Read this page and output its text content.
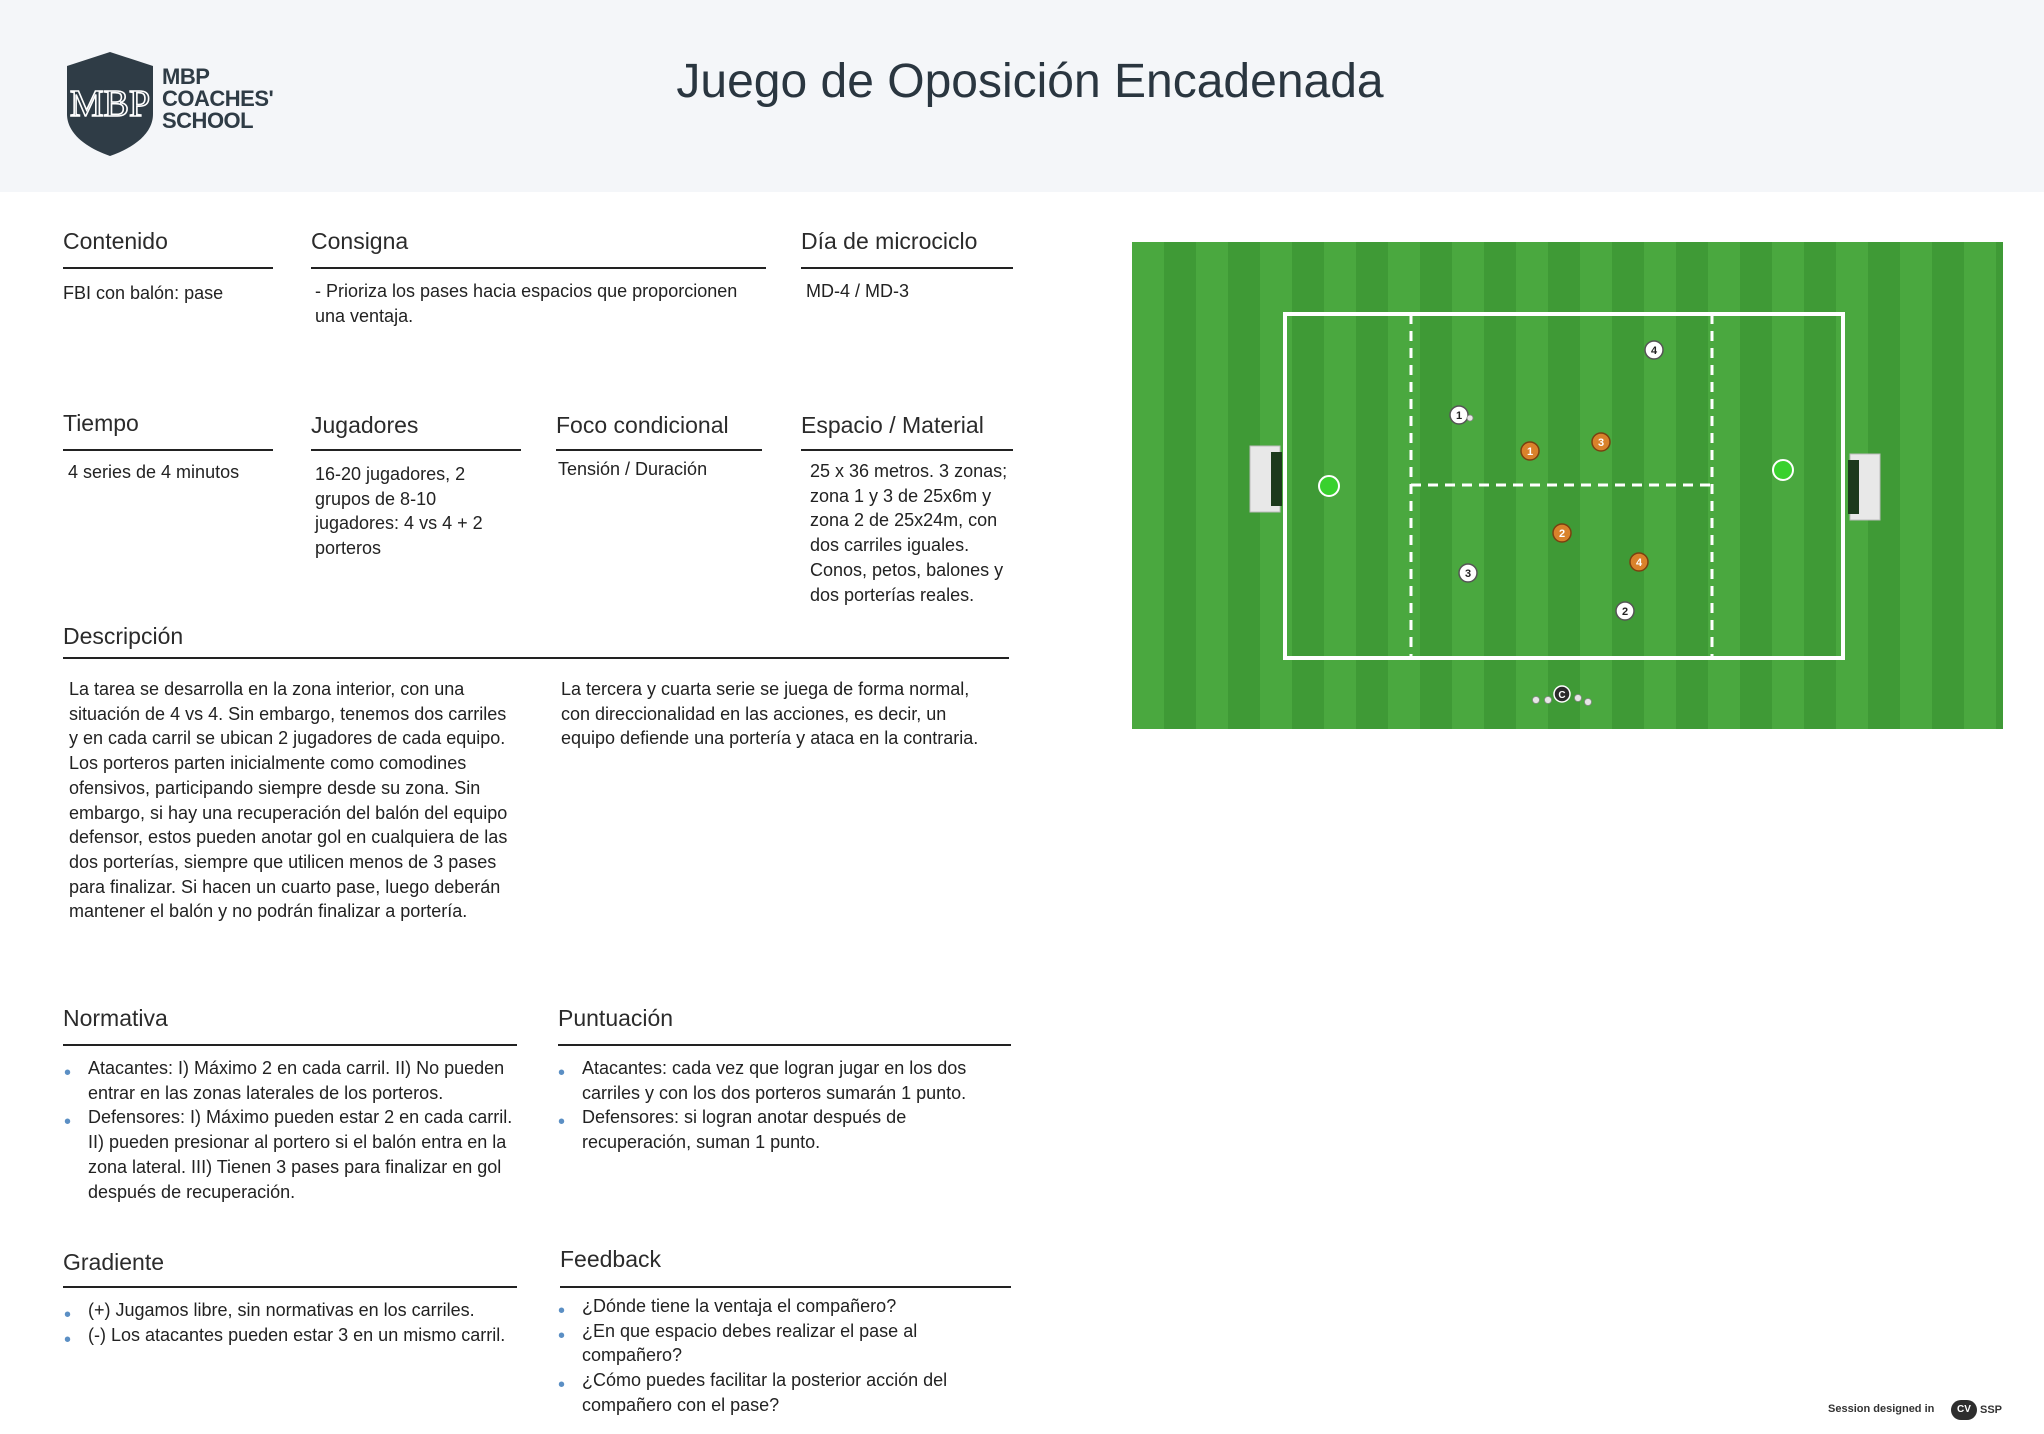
MBP
MBP
COACHES'
SCHOOL
Juego de Oposición Encadenada
Contenido
FBI con balón: pase
Consigna
- Prioriza los pases hacia espacios que proporcionen una ventaja.
Día de microciclo
MD-4 / MD-3
Tiempo
4 series de 4 minutos
Jugadores
16-20 jugadores, 2 grupos de 8-10 jugadores: 4 vs 4 + 2 porteros
Foco condicional
Tensión / Duración
Espacio / Material
25 x 36 metros. 3 zonas; zona 1 y 3 de 25x6m y zona 2 de 25x24m, con dos carriles iguales. Conos, petos, balones y dos porterías reales.
Descripción
La tarea se desarrolla en la zona interior, con una situación de 4 vs 4. Sin embargo, tenemos dos carriles y en cada carril se ubican 2 jugadores de cada equipo. Los porteros parten inicialmente como comodines ofensivos, participando siempre desde su zona. Sin embargo, si hay una recuperación del balón del equipo defensor, estos pueden anotar gol en cualquiera de las dos porterías, siempre que utilicen menos de 3 pases para finalizar. Si hacen un cuarto pase, luego deberán mantener el balón y no podrán finalizar a portería.
La tercera y cuarta serie se juega de forma normal, con direccionalidad en las acciones, es decir, un equipo defiende una portería y ataca en la contraria.
Normativa
• Atacantes: I) Máximo 2 en cada carril. II) No pueden entrar en las zonas laterales de los porteros.
• Defensores: I) Máximo pueden estar 2 en cada carril. II) pueden presionar al portero si el balón entra en la zona lateral. III) Tienen 3 pases para finalizar en gol después de recuperación.
Puntuación
• Atacantes: cada vez que logran jugar en los dos carriles y con los dos porteros sumarán 1 punto.
• Defensores: si logran anotar después de recuperación, suman 1 punto.
Gradiente
• (+) Jugamos libre, sin normativas en los carriles.
• (-) Los atacantes pueden estar 3 en un mismo carril.
Feedback
• ¿Dónde tiene la ventaja el compañero?
• ¿En que espacio debes realizar el pase al compañero?
• ¿Cómo puedes facilitar la posterior acción del compañero con el pase?
1
2
3
4
1
2
3
4
C
Session designed in	CV SSP
